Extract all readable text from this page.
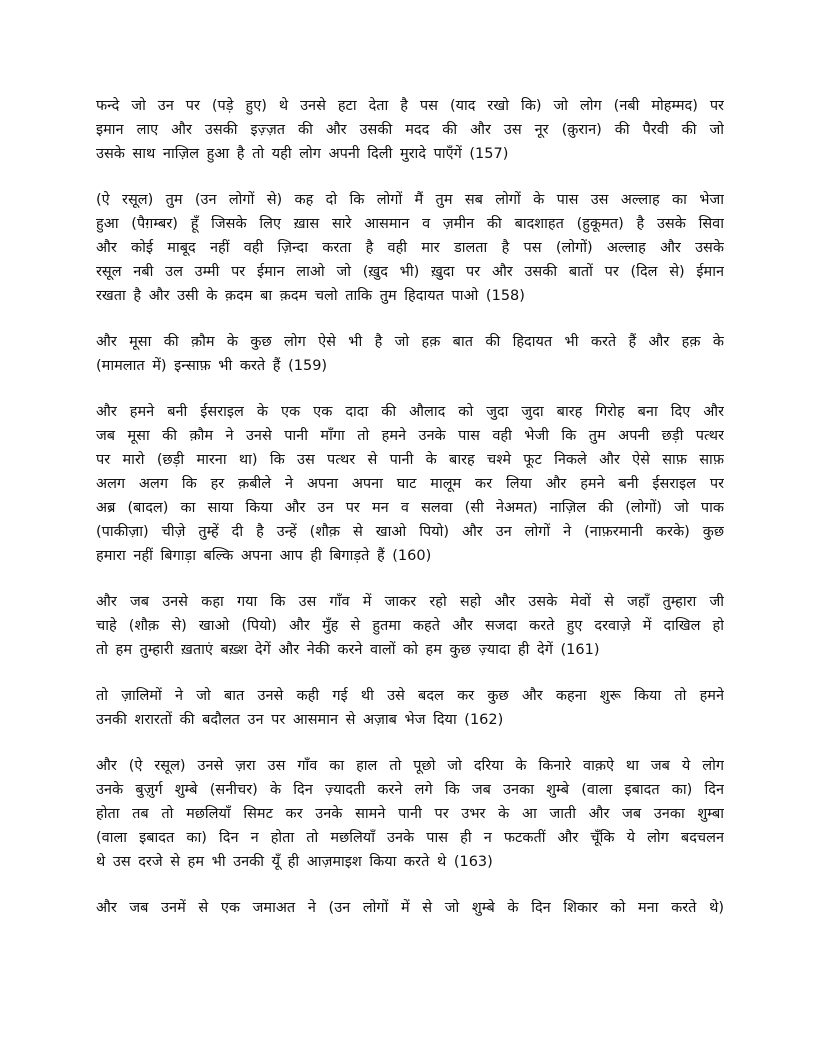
फन्दे जो उन पर (पड़े हुए) थे उनसे हटा देता है पस (याद रखो कि) जो लोग (नबी मोहम्मद) पर
इमान लाए और उसकी इज़्ज़त की और उसकी मदद की और उस नूर (क़ुरान) की पैरवी की जो
उसके साथ नाज़िल हुआ है तो यही लोग अपनी दिली मुरादे पाएँगें (157)
(ऐ रसूल) तुम (उन लोगों से) कह दो कि लोगों मैं तुम सब लोगों के पास उस अल्लाह का भेजा
हुआ (पैग़म्बर) हूँ जिसके लिए ख़ास सारे आसमान व ज़मीन की बादशाहत (हुकूमत) है उसके सिवा
और कोई माबूद नहीं वही ज़िन्दा करता है वही मार डालता है पस (लोगों) अल्लाह और उसके
रसूल नबी उल उम्मी पर ईमान लाओ जो (ख़ुद भी) ख़ुदा पर और उसकी बातों पर (दिल से) ईमान
रखता है और उसी के क़दम बा क़दम चलो ताकि तुम हिदायत पाओ (158)
और मूसा की क़ौम के कुछ लोग ऐसे भी है जो हक़ बात की हिदायत भी करते हैं और हक़ के
(मामलात में) इन्साफ़ भी करते हैं (159)
और हमने बनी ईसराइल के एक एक दादा की औलाद को जुदा जुदा बारह गिरोह बना दिए और
जब मूसा की क़ौम ने उनसे पानी माँगा तो हमने उनके पास वही भेजी कि तुम अपनी छड़ी पत्थर
पर मारो (छड़ी मारना था) कि उस पत्थर से पानी के बारह चश्मे फूट निकले और ऐसे साफ़ साफ़
अलग अलग कि हर क़बीले ने अपना अपना घाट मालूम कर लिया और हमने बनी ईसराइल पर
अब्र (बादल) का साया किया और उन पर मन व सलवा (सी नेअमत) नाज़िल की (लोगों) जो पाक
(पाकीज़ा) चीज़े तुम्हें दी है उन्हें (शौक़ से खाओ पियो) और उन लोगों ने (नाफ़रमानी करके) कुछ
हमारा नहीं बिगाड़ा बल्कि अपना आप ही बिगाड़ते हैं (160)
और जब उनसे कहा गया कि उस गाँव में जाकर रहो सहो और उसके मेवों से जहाँ तुम्हारा जी
चाहे (शौक़ से) खाओ (पियो) और मुँह से हुतमा कहते और सजदा करते हुए दरवाजे़ में दाखिल हो
तो हम तुम्हारी ख़ताएं बख़्श देगें और नेकी करने वालों को हम कुछ ज़्यादा ही देगें (161)
तो ज़ालिमों ने जो बात उनसे कही गई थी उसे बदल कर कुछ और कहना शुरू किया तो हमने
उनकी शरारतों की बदौलत उन पर आसमान से अज़ाब भेज दिया (162)
और (ऐ रसूल) उनसे ज़रा उस गाँव का हाल तो पूछो जो दरिया के किनारे वाक़ऐ था जब ये लोग
उनके बुज़ुर्ग शुम्बे (सनीचर) के दिन ज़्यादती करने लगे कि जब उनका शुम्बे (वाला इबादत का) दिन
होता तब तो मछलियाँ सिमट कर उनके सामने पानी पर उभर के आ जाती और जब उनका शुम्बा
(वाला इबादत का) दिन न होता तो मछलियाँ उनके पास ही न फटकतीं और चूँकि ये लोग बदचलन
थे उस दरजे से हम भी उनकी यूँ ही आज़माइश किया करते थे (163)
और जब उनमें से एक जमाअत ने (उन लोगों में से जो शुम्बे के दिन शिकार को मना करते थे)
